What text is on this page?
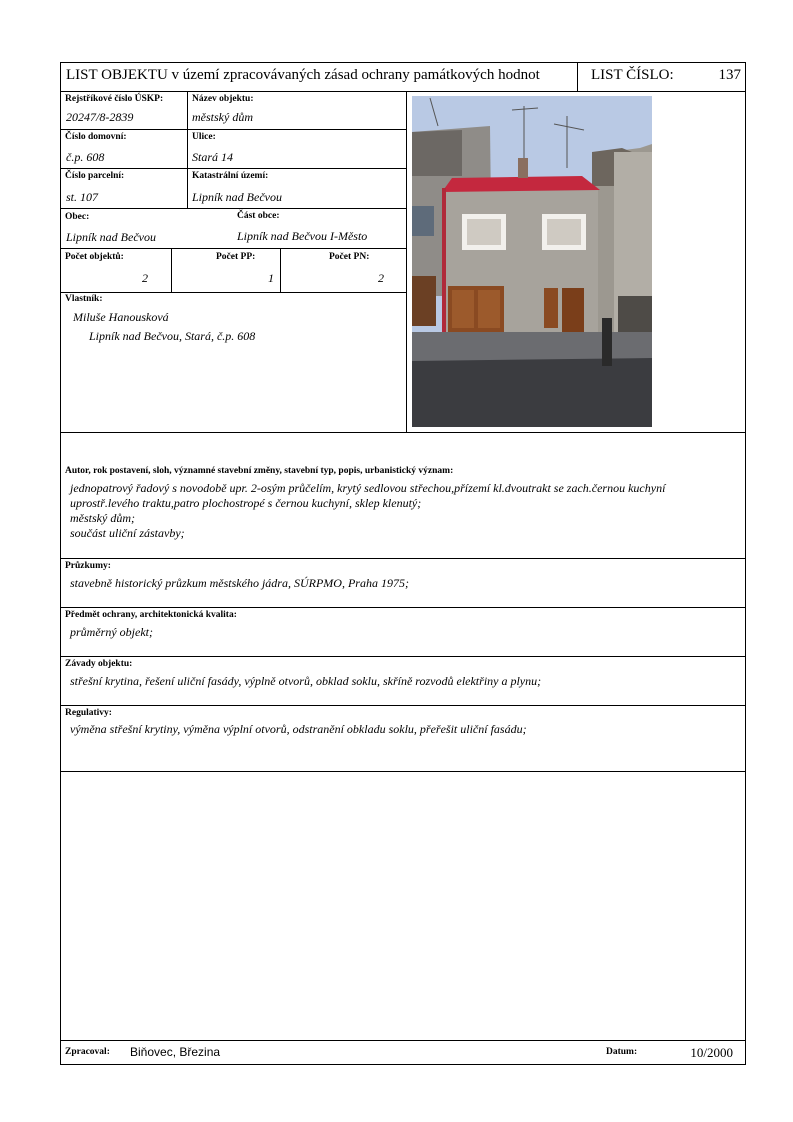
LIST OBJEKTU v území zpracovávaných zásad ochrany památkových hodnot	LIST ČÍSLO:	137
Rejstříkové číslo ÚSKP:
20247/8-2839
Název objektu:
městský dům
Číslo domovní:
č.p. 608
Ulice:
Stará 14
Číslo parcelní:
st. 107
Katastrální území:
Lipník nad Bečvou
Obec:
Lipník nad Bečvou
Část obce:
Lipník nad Bečvou I-Město
Počet objektů:
2
Počet PP:
1
Počet PN:
2
Vlastník:
Miluše Hanousková
Lipník nad Bečvou, Stará, č.p. 608
Autor, rok postavení, sloh, významné stavební změny, stavební typ, popis, urbanistický význam:
jednopatrový řadový s novodobě upr. 2-osým průčelím, krytý sedlovou střechou,přízemí kl.dvoutrakt se zach.černou kuchyní
uprostř.levého traktu,patro plochostropé s černou kuchyní, sklep klenutý;
městský dům;
součást uliční zástavby;
Průzkumy:
stavebně historický průzkum městského jádra, SÚRPMO, Praha 1975;
Předmět ochrany, architektonická kvalita:
průměrný objekt;
Závady objektu:
střešní krytina, řešení uliční fasády, výplně otvorů, obklad soklu, skříně rozvodů elektřiny a plynu;
Regulativy:
výměna střešní krytiny, výměna výplní otvorů, odstranění obkladu soklu, přeřešit uliční fasádu;
Zpracoval: Biňovec, Březina	Datum:	10/2000
